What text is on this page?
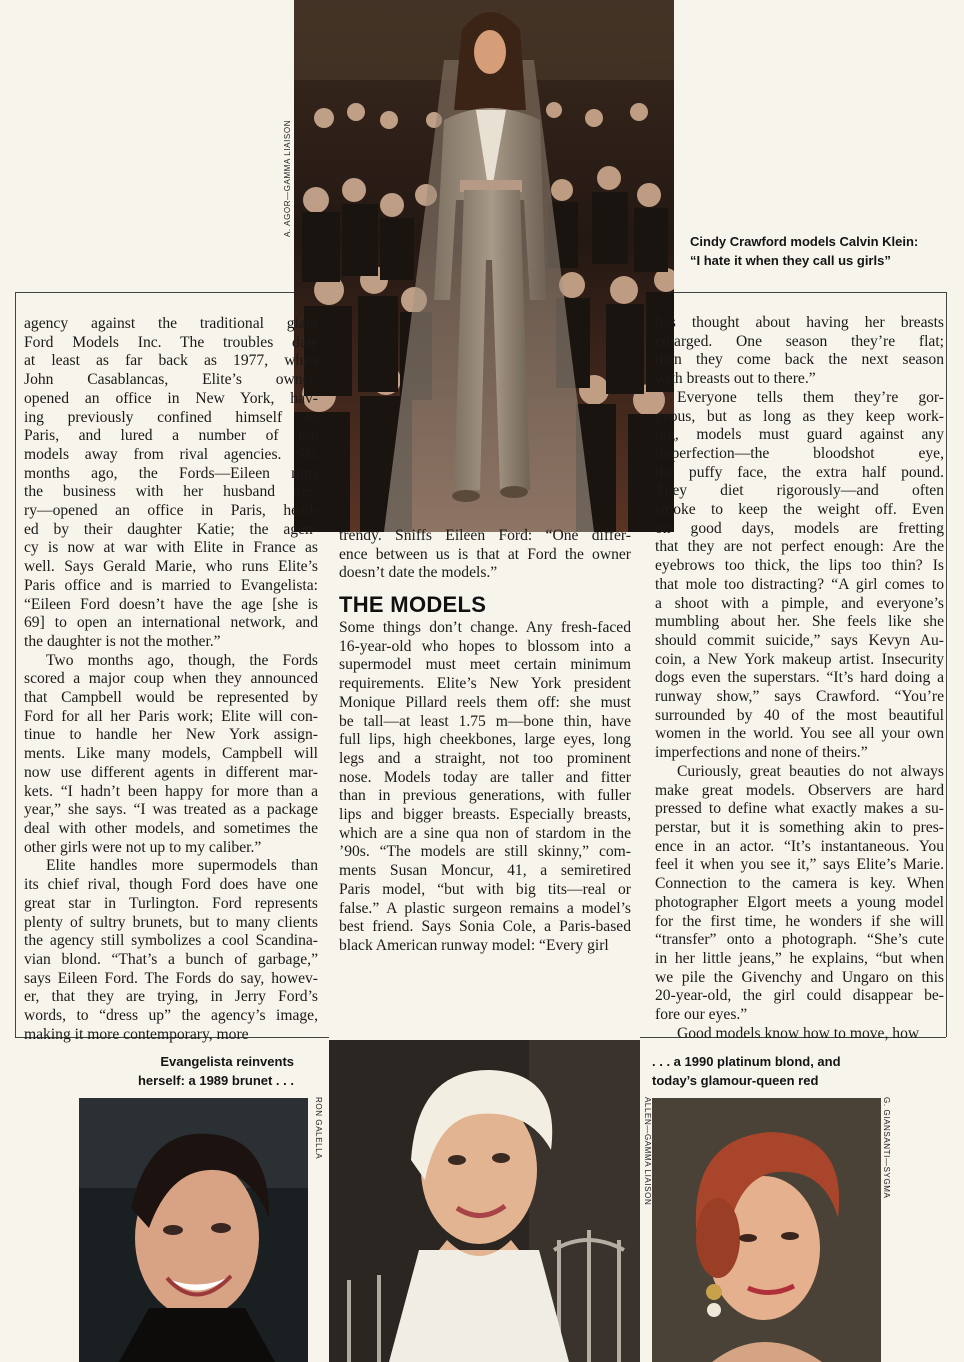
A. AGOR—GAMMA LIAISON
Cindy Crawford models Calvin Klein:
“I hate it when they call us girls”
agency against the traditional giant
Ford Models Inc. The troubles date
at least as far back as 1977, when
John Casablancas, Elite’s owner,
opened an office in New York, hav-
ing previously confined himself to
Paris, and lured a number of top
models away from rival agencies. Six
months ago, the Fords—Eileen runs
the business with her husband Jer-
ry—opened an office in Paris, head-
ed by their daughter Katie; the agen-
cy is now at war with Elite in France as
well. Says Gerald Marie, who runs Elite’s
Paris office and is married to Evangelista:
“Eileen Ford doesn’t have the age [she is
69] to open an international network, and
the daughter is not the mother.”
Two months ago, though, the Fords
scored a major coup when they announced
that Campbell would be represented by
Ford for all her Paris work; Elite will con-
tinue to handle her New York assign-
ments. Like many models, Campbell will
now use different agents in different mar-
kets. “I hadn’t been happy for more than a
year,” she says. “I was treated as a package
deal with other models, and sometimes the
other girls were not up to my caliber.”
Elite handles more supermodels than
its chief rival, though Ford does have one
great star in Turlington. Ford represents
plenty of sultry brunets, but to many clients
the agency still symbolizes a cool Scandina-
vian blond. “That’s a bunch of garbage,”
says Eileen Ford. The Fords do say, howev-
er, that they are trying, in Jerry Ford’s
words, to “dress up” the agency’s image,
making it more contemporary, more
trendy. Sniffs Eileen Ford: “One differ-
ence between us is that at Ford the owner
doesn’t date the models.”
THE MODELS
Some things don’t change. Any fresh-faced
16-year-old who hopes to blossom into a
supermodel must meet certain minimum
requirements. Elite’s New York president
Monique Pillard reels them off: she must
be tall—at least 1.75 m—bone thin, have
full lips, high cheekbones, large eyes, long
legs and a straight, not too prominent
nose. Models today are taller and fitter
than in previous generations, with fuller
lips and bigger breasts. Especially breasts,
which are a sine qua non of stardom in the
’90s. “The models are still skinny,” com-
ments Susan Moncur, 41, a semiretired
Paris model, “but with big tits—real or
false.” A plastic surgeon remains a model’s
best friend. Says Sonia Cole, a Paris-based
black American runway model: “Every girl
has thought about having her breasts
enlarged. One season they’re flat;
then they come back the next season
with breasts out to there.”
Everyone tells them they’re gor-
geous, but as long as they keep work-
ing, models must guard against any
imperfection—the bloodshot eye,
the puffy face, the extra half pound.
They diet rigorously—and often
smoke to keep the weight off. Even
on good days, models are fretting
that they are not perfect enough: Are the
eyebrows too thick, the lips too thin? Is
that mole too distracting? “A girl comes to
a shoot with a pimple, and everyone’s
mumbling about her. She feels like she
should commit suicide,” says Kevyn Au-
coin, a New York makeup artist. Insecurity
dogs even the superstars. “It’s hard doing a
runway show,” says Crawford. “You’re
surrounded by 40 of the most beautiful
women in the world. You see all your own
imperfections and none of theirs.”
Curiously, great beauties do not always
make great models. Observers are hard
pressed to define what exactly makes a su-
perstar, but it is something akin to pres-
ence in an actor. “It’s instantaneous. You
feel it when you see it,” says Elite’s Marie.
Connection to the camera is key. When
photographer Elgort meets a young model
for the first time, he wonders if she will
“transfer” onto a photograph. “She’s cute
in her little jeans,” he explains, “but when
we pile the Givenchy and Ungaro on this
20-year-old, the girl could disappear be-
fore our eyes.”
Good models know how to move, how
Evangelista reinvents
herself: a 1989 brunet . . .
RON GALELLA	ALLEN—GAMMA LIAISON
. . . a 1990 platinum blond, and
today’s glamour-queen red
G. GIANSANTI—SYGMA
